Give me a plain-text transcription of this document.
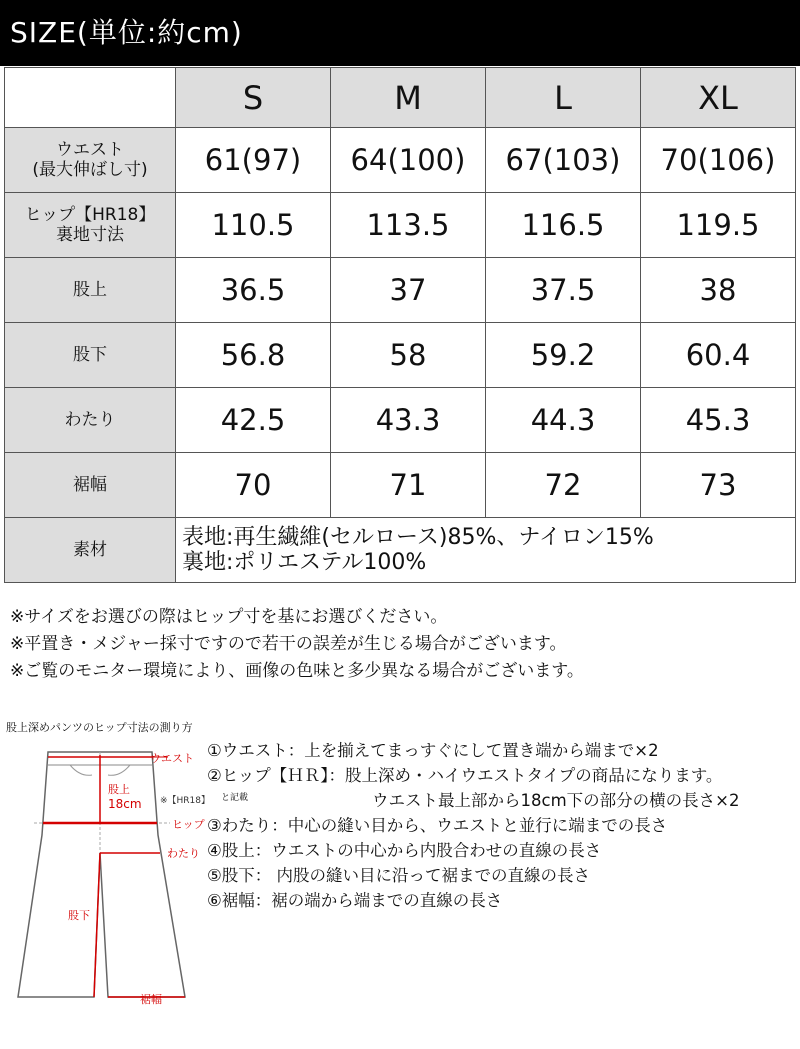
SIZE(単位:約cm)
	S	M	L	XL
ウエスト
(最大伸ばし寸)	61(97)	64(100)	67(103)	70(106)
ヒップ【HR18】
裏地寸法	110.5	113.5	116.5	119.5
股上	36.5	37	37.5	38
股下	56.8	58	59.2	60.4
わたり	42.5	43.3	44.3	45.3
裾幅	70	71	72	73
素材	表地:再生繊維(セルロース)85%、ナイロン15%
裏地:ポリエステル100%			
※サイズをお選びの際はヒップ寸を基にお選びください。
※平置き・メジャー採寸ですので若干の誤差が生じる場合がございます。
※ご覧のモニター環境により、画像の色味と多少異なる場合がございます。
股上深めパンツのヒップ寸法の測り方
ウエスト
股上
18cm ※【HR18】
ヒップ
わたり
股下
裾幅
と記載
①ウエスト：上を揃えてまっすぐにして置き端から端まで×2
②ヒップ【ＨＲ】：股上深め・ハイウエストタイプの商品になります。
ウエスト最上部から18cm下の部分の横の長さ×2
③わたり：中心の縫い目から、ウエストと並行に端までの長さ
④股上：ウエストの中心から内股合わせの直線の長さ
⑤股下： 内股の縫い目に沿って裾までの直線の長さ
⑥裾幅：裾の端から端までの直線の長さ
